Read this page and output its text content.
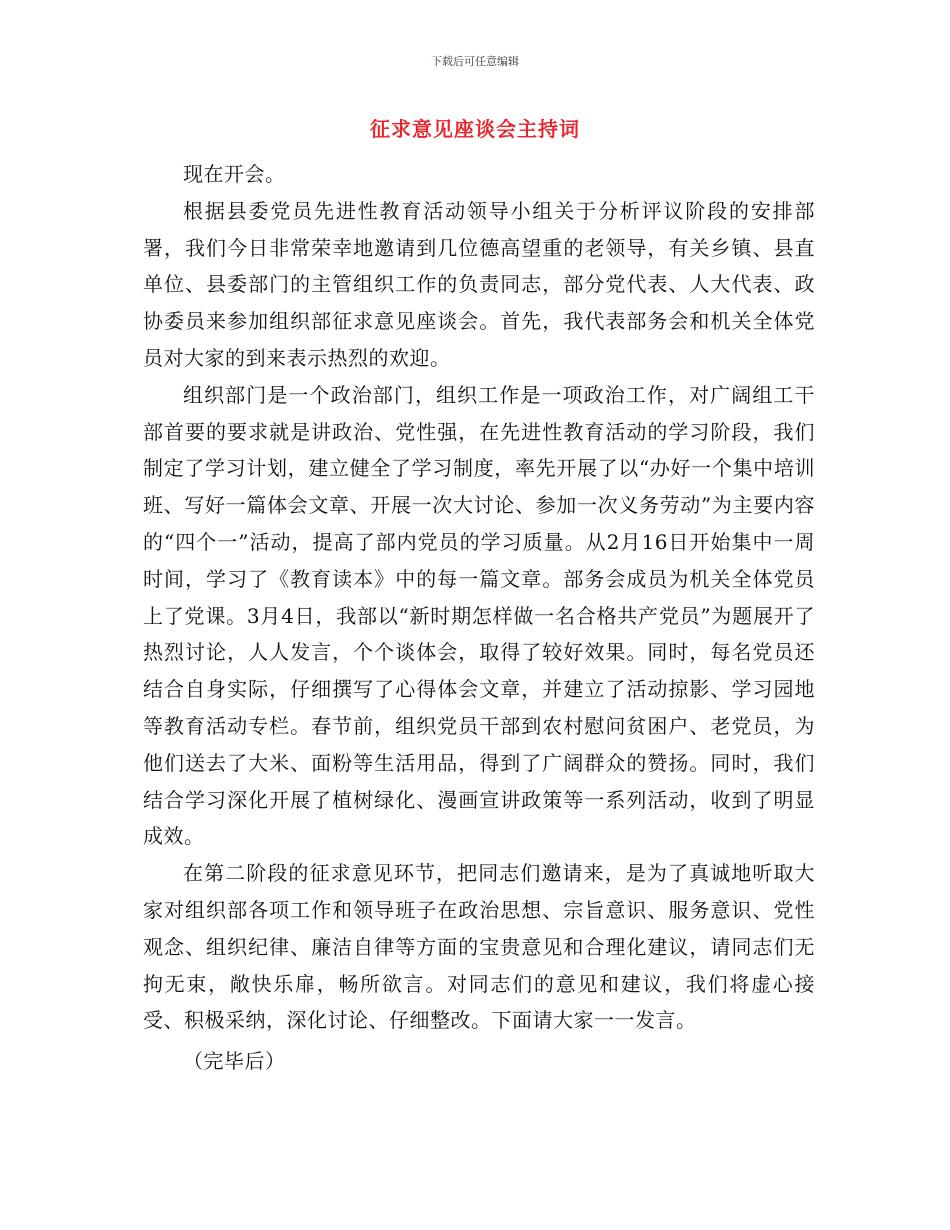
下载后可任意编辑
征求意见座谈会主持词

现在开会。

根据县委党员先进性教育活动领导小组关于分析评议阶段的安排部署，我们今日非常荣幸地邀请到几位德高望重的老领导，有关乡镇、县直单位、县委部门的主管组织工作的负责同志，部分党代表、人大代表、政协委员来参加组织部征求意见座谈会。首先，我代表部务会和机关全体党员对大家的到来表示热烈的欢迎。

组织部门是一个政治部门，组织工作是一项政治工作，对广阔组工干部首要的要求就是讲政治、党性强，在先进性教育活动的学习阶段，我们制定了学习计划，建立健全了学习制度，率先开展了以“办好一个集中培训班、写好一篇体会文章、开展一次大讨论、参加一次义务劳动”为主要内容的“四个一”活动，提高了部内党员的学习质量。从2月16日开始集中一周时间，学习了《教育读本》中的每一篇文章。部务会成员为机关全体党员上了党课。3月4日，我部以“新时期怎样做一名合格共产党员”为题展开了热烈讨论，人人发言，个个谈体会，取得了较好效果。同时，每名党员还结合自身实际，仔细撰写了心得体会文章，并建立了活动掠影、学习园地等教育活动专栏。春节前，组织党员干部到农村慰问贫困户、老党员，为他们送去了大米、面粉等生活用品，得到了广阔群众的赞扬。同时，我们结合学习深化开展了植树绿化、漫画宣讲政策等一系列活动，收到了明显成效。

在第二阶段的征求意见环节，把同志们邀请来，是为了真诚地听取大家对组织部各项工作和领导班子在政治思想、宗旨意识、服务意识、党性观念、组织纪律、廉洁自律等方面的宝贵意见和合理化建议，请同志们无拘无束，敞快乐扉，畅所欲言。对同志们的意见和建议，我们将虚心接受、积极采纳，深化讨论、仔细整改。下面请大家一一发言。

（完毕后）
